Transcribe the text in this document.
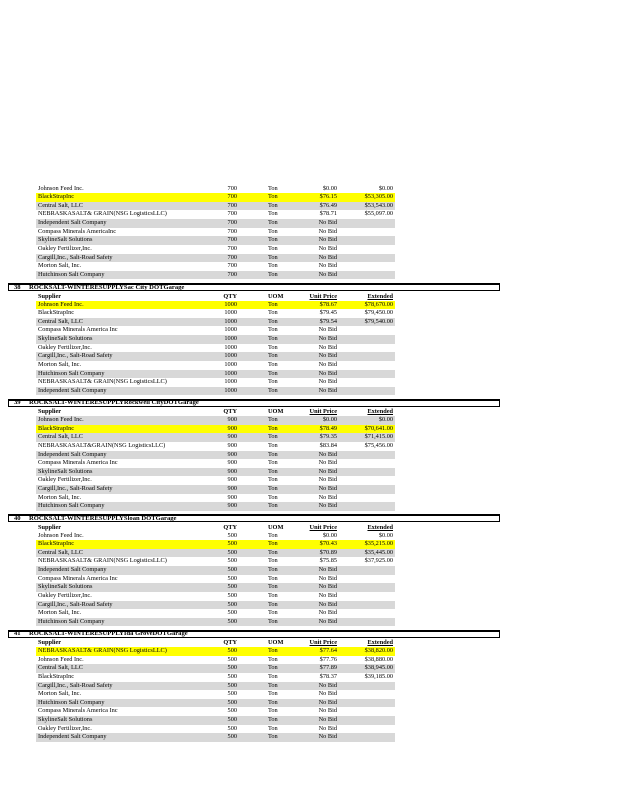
Johnson Feed Inc.	700	Ton	$0.00	$0.00
BlackStrapInc	700	Ton	$76.15	$53,305.00
Central Salt, LLC	700	Ton	$76.49	$53,543.00
NEBRASKASALT& GRAIN(NSG LogisticsLLC)	700	Ton	$78.71	$55,097.00
Independent Salt Company	700	Ton	No Bid
Compass Minerals AmericaInc	700	Ton	No Bid
SkylineSalt Solutions	700	Ton	No Bid
Oakley Fertilizer,Inc.	700	Ton	No Bid
Cargill,Inc., Salt-Road Safety	700	Ton	No Bid
Morton Salt, Inc.	700	Ton	No Bid
Hutchinson Salt Company	700	Ton	No Bid
38	ROCKSALT-WINTERESUPPLYSac City DOTGarage
Supplier	QTY	UOM	Unit Price	Extended
Johnson Feed Inc.	1000	Ton	$78.67	$78,670.00
BlackStrapInc	1000	Ton	$79.45	$79,450.00
Central Salt, LLC	1000	Ton	$79.54	$79,540.00
Compass Minerals America Inc	1000	Ton	No Bid
SkylineSalt Solutions	1000	Ton	No Bid
Oakley Fertilizer,Inc.	1000	Ton	No Bid
Cargill,Inc., Salt-Road Safety	1000	Ton	No Bid
Morton Salt, Inc.	1000	Ton	No Bid
Hutchinson Salt Company	1000	Ton	No Bid
NEBRASKASALT& GRAIN(NSG LogisticsLLC)	1000	Ton	No Bid
Independent Salt Company	1000	Ton	No Bid
39	ROCKSALT-WINTERESUPPLYRockwell CityDOTGarage
Supplier	QTY	UOM	Unit Price	Extended
Johnson Feed Inc.	900	Ton	$0.00	$0.00
BlackStrapInc	900	Ton	$78.49	$70,641.00
Central Salt, LLC	900	Ton	$79.35	$71,415.00
NEBRASKASALT&GRAIN(NSG LogisticsLLC)	900	Ton	$83.84	$75,456.00
Independent Salt Company	900	Ton	No Bid
Compass Minerals America Inc	900	Ton	No Bid
SkylineSalt Solutions	900	Ton	No Bid
Oakley Fertilizer,Inc.	900	Ton	No Bid
Cargill,Inc., Salt-Road Safety	900	Ton	No Bid
Morton Salt, Inc.	900	Ton	No Bid
Hutchinson Salt Company	900	Ton	No Bid
40	ROCKSALT-WINTERESUPPLYSloan DOTGarage
Supplier	QTY	UOM	Unit Price	Extended
Johnson Feed Inc.	500	Ton	$0.00	$0.00
BlackStrapInc	500	Ton	$70.43	$35,215.00
Central Salt, LLC	500	Ton	$70.89	$35,445.00
NEBRASKASALT& GRAIN(NSG LogisticsLLC)	500	Ton	$75.85	$37,925.00
Independent Salt Company	500	Ton	No Bid
Compass Minerals America Inc	500	Ton	No Bid
SkylineSalt Solutions	500	Ton	No Bid
Oakley Fertilizer,Inc.	500	Ton	No Bid
Cargill,Inc., Salt-Road Safety	500	Ton	No Bid
Morton Salt, Inc.	500	Ton	No Bid
Hutchinson Salt Company	500	Ton	No Bid
41	ROCKSALT-WINTERESUPPLYIda GroveDOTGarage
Supplier	QTY	UOM	Unit Price	Extended
NEBRASKASALT& GRAIN(NSG LogisticsLLC)	500	Ton	$77.64	$38,820.00
Johnson Feed Inc.	500	Ton	$77.76	$38,880.00
Central Salt, LLC	500	Ton	$77.89	$38,945.00
BlackStrapInc	500	Ton	$78.37	$39,185.00
Cargill,Inc., Salt-Road Safety	500	Ton	No Bid
Morton Salt, Inc.	500	Ton	No Bid
Hutchinson Salt Company	500	Ton	No Bid
Compass Minerals America Inc	500	Ton	No Bid
SkylineSalt Solutions	500	Ton	No Bid
Oakley Fertilizer,Inc.	500	Ton	No Bid
Independent Salt Company	500	Ton	No Bid
